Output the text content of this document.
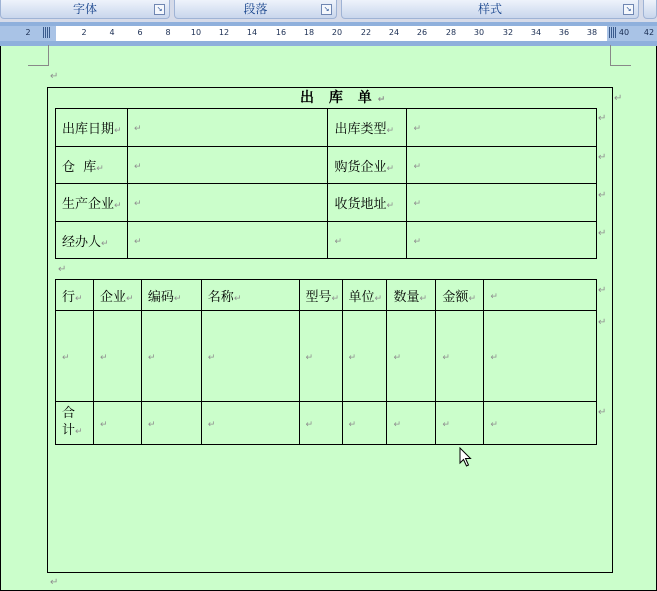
字体	↘	段落	↘	样式	↘
2	2	4	6	8	10 12 14 16 18 20 22 24 26 28 30 32 34 36 38	40 42
↵
↵
↵
↵
↵
↵
↵
↵
↵
↵
↵
出 库 单↵
出库日期↵	↵	出库类型↵	↵
仓  库↵	↵	购货企业↵	↵
生产企业↵	↵	收货地址↵	↵
经办人↵	↵	↵	↵
行↵	企业↵	编码↵	名称↵	型号↵	单位↵	数量↵	金额↵	↵
↵	↵	↵	↵	↵	↵	↵	↵	↵
合
计↵	↵	↵	↵	↵	↵	↵	↵	↵
